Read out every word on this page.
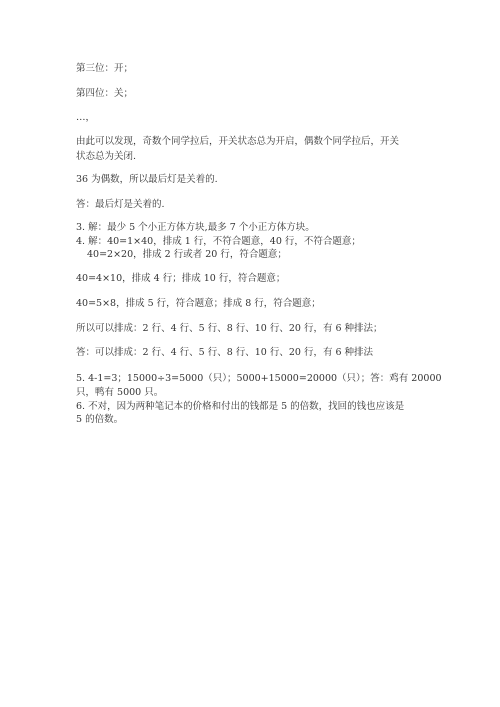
第三位：开；
第四位：关；
…，
由此可以发现，奇数个同学拉后，开关状态总为开启，偶数个同学拉后，开关
状态总为关闭.
36 为偶数，所以最后灯是关着的.
答：最后灯是关着的.
3. 解：最少 5 个小正方体方块,最多 7 个小正方体方块。
4. 解：40=1×40，排成 1 行，不符合题意，40 行，不符合题意；
40=2×20，排成 2 行或者 20 行，符合题意；
40=4×10，排成 4 行；排成 10 行，符合题意；
40=5×8，排成 5 行，符合题意；排成 8 行，符合题意；
所以可以排成：2 行、4 行、5 行、8 行、10 行、20 行，有 6 种排法；
答：可以排成：2 行、4 行、5 行、8 行、10 行、20 行，有 6 种排法
5. 4-1=3；15000÷3=5000（只）；5000+15000=20000（只）；答：鸡有 20000
只，鸭有 5000 只。
6. 不对，因为两种笔记本的价格和付出的钱都是 5 的倍数，找回的钱也应该是
5 的倍数。
